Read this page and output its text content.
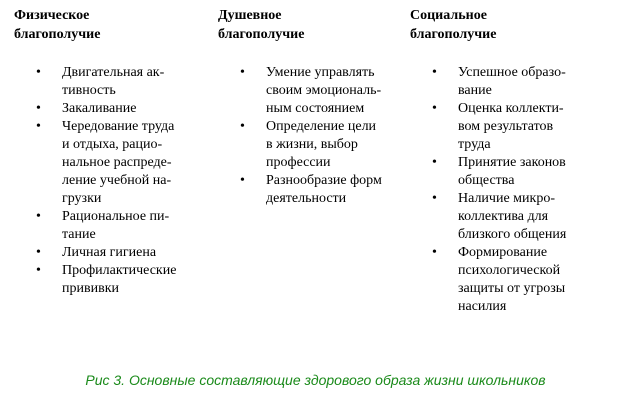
Физическое
благополучие
• Двигательная ак-
тивность
• Закаливание
• Чередование труда
и отдыха, рацио-
нальное распреде-
ление учебной на-
грузки
• Рациональное пи-
тание
• Личная гигиена
• Профилактические
прививки
Душевное
благополучие
• Умение управлять
своим эмоциональ-
ным состоянием
• Определение цели
в жизни, выбор
профессии
• Разнообразие форм
деятельности
Социальное
благополучие
• Успешное образо-
вание
• Оценка коллекти-
вом результатов
труда
• Принятие законов
общества
• Наличие микро-
коллектива для
близкого общения
• Формирование
психологической
защиты от угрозы
насилия

Рис 3. Основные составляющие здорового образа жизни школьников
